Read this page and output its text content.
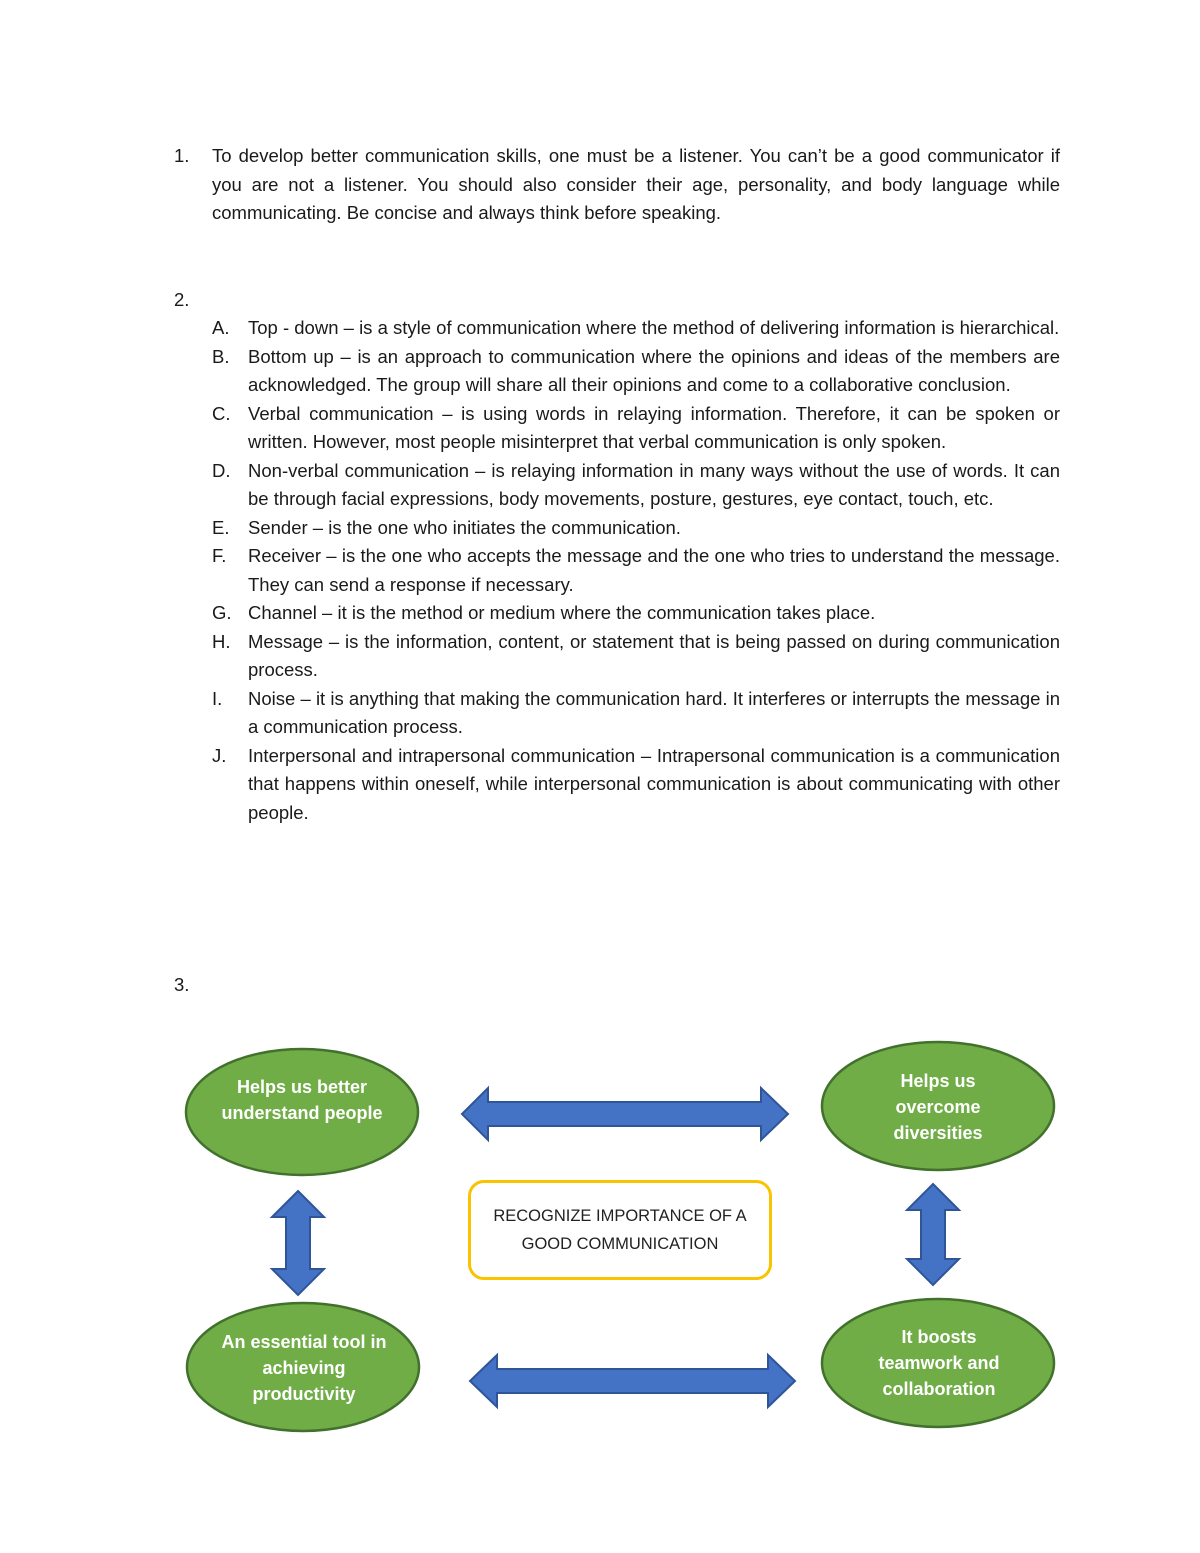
1. To develop better communication skills, one must be a listener. You can’t be a good communicator if you are not a listener. You should also consider their age, personality, and body language while communicating. Be concise and always think before speaking.
2.
A. Top - down – is a style of communication where the method of delivering information is hierarchical.
B. Bottom up – is an approach to communication where the opinions and ideas of the members are acknowledged. The group will share all their opinions and come to a collaborative conclusion.
C. Verbal communication – is using words in relaying information. Therefore, it can be spoken or written. However, most people misinterpret that verbal communication is only spoken.
D. Non-verbal communication – is relaying information in many ways without the use of words. It can be through facial expressions, body movements, posture, gestures, eye contact, touch, etc.
E. Sender – is the one who initiates the communication.
F. Receiver – is the one who accepts the message and the one who tries to understand the message. They can send a response if necessary.
G. Channel – it is the method or medium where the communication takes place.
H. Message – is the information, content, or statement that is being passed on during communication process.
I. Noise – it is anything that making the communication hard. It interferes or interrupts the message in a communication process.
J. Interpersonal and intrapersonal communication – Intrapersonal communication is a communication that happens within oneself, while interpersonal communication is about communicating with other people.
3.
Helps us better understand people
Helps us overcome diversities
An essential tool in achieving productivity
It boosts teamwork and collaboration
RECOGNIZE IMPORTANCE OF A GOOD COMMUNICATION
